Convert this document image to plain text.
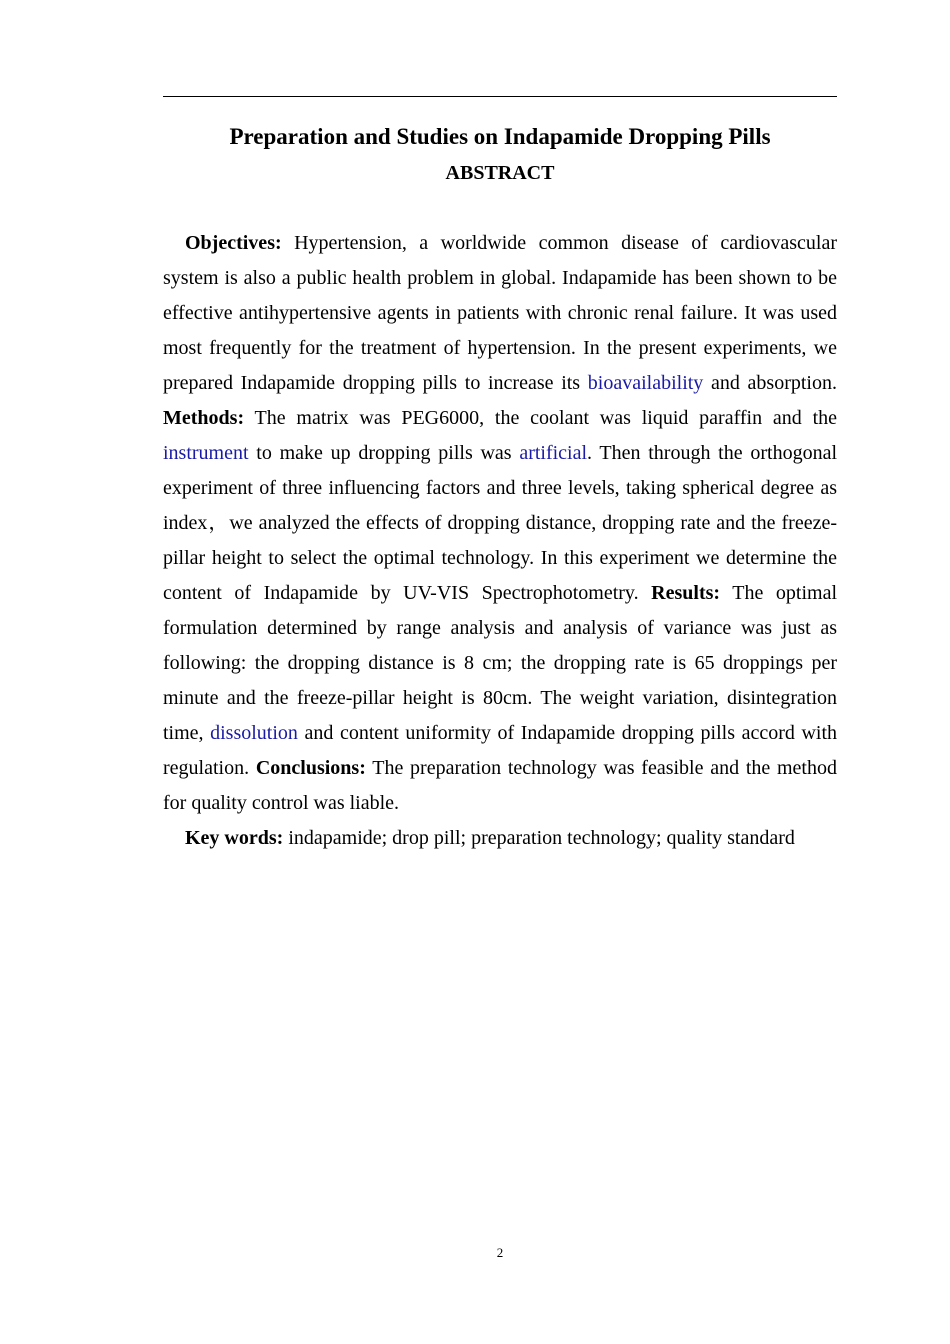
Preparation and Studies on Indapamide Dropping Pills
ABSTRACT

Objectives: Hypertension, a worldwide common disease of cardiovascular system is also a public health problem in global. Indapamide has been shown to be effective antihypertensive agents in patients with chronic renal failure. It was used most frequently for the treatment of hypertension. In the present experiments, we prepared Indapamide dropping pills to increase its bioavailability and absorption. Methods: The matrix was PEG6000, the coolant was liquid paraffin and the instrument to make up dropping pills was artificial. Then through the orthogonal experiment of three influencing factors and three levels, taking spherical degree as index，we analyzed the effects of dropping distance, dropping rate and the freeze-pillar height to select the optimal technology. In this experiment we determine the content of Indapamide by UV-VIS Spectrophotometry. Results: The optimal formulation determined by range analysis and analysis of variance was just as following: the dropping distance is 8 cm; the dropping rate is 65 droppings per minute and the freeze-pillar height is 80cm. The weight variation, disintegration time, dissolution and content uniformity of Indapamide dropping pills accord with regulation. Conclusions: The preparation technology was feasible and the method for quality control was liable.

Key words: indapamide; drop pill; preparation technology; quality standard

2
